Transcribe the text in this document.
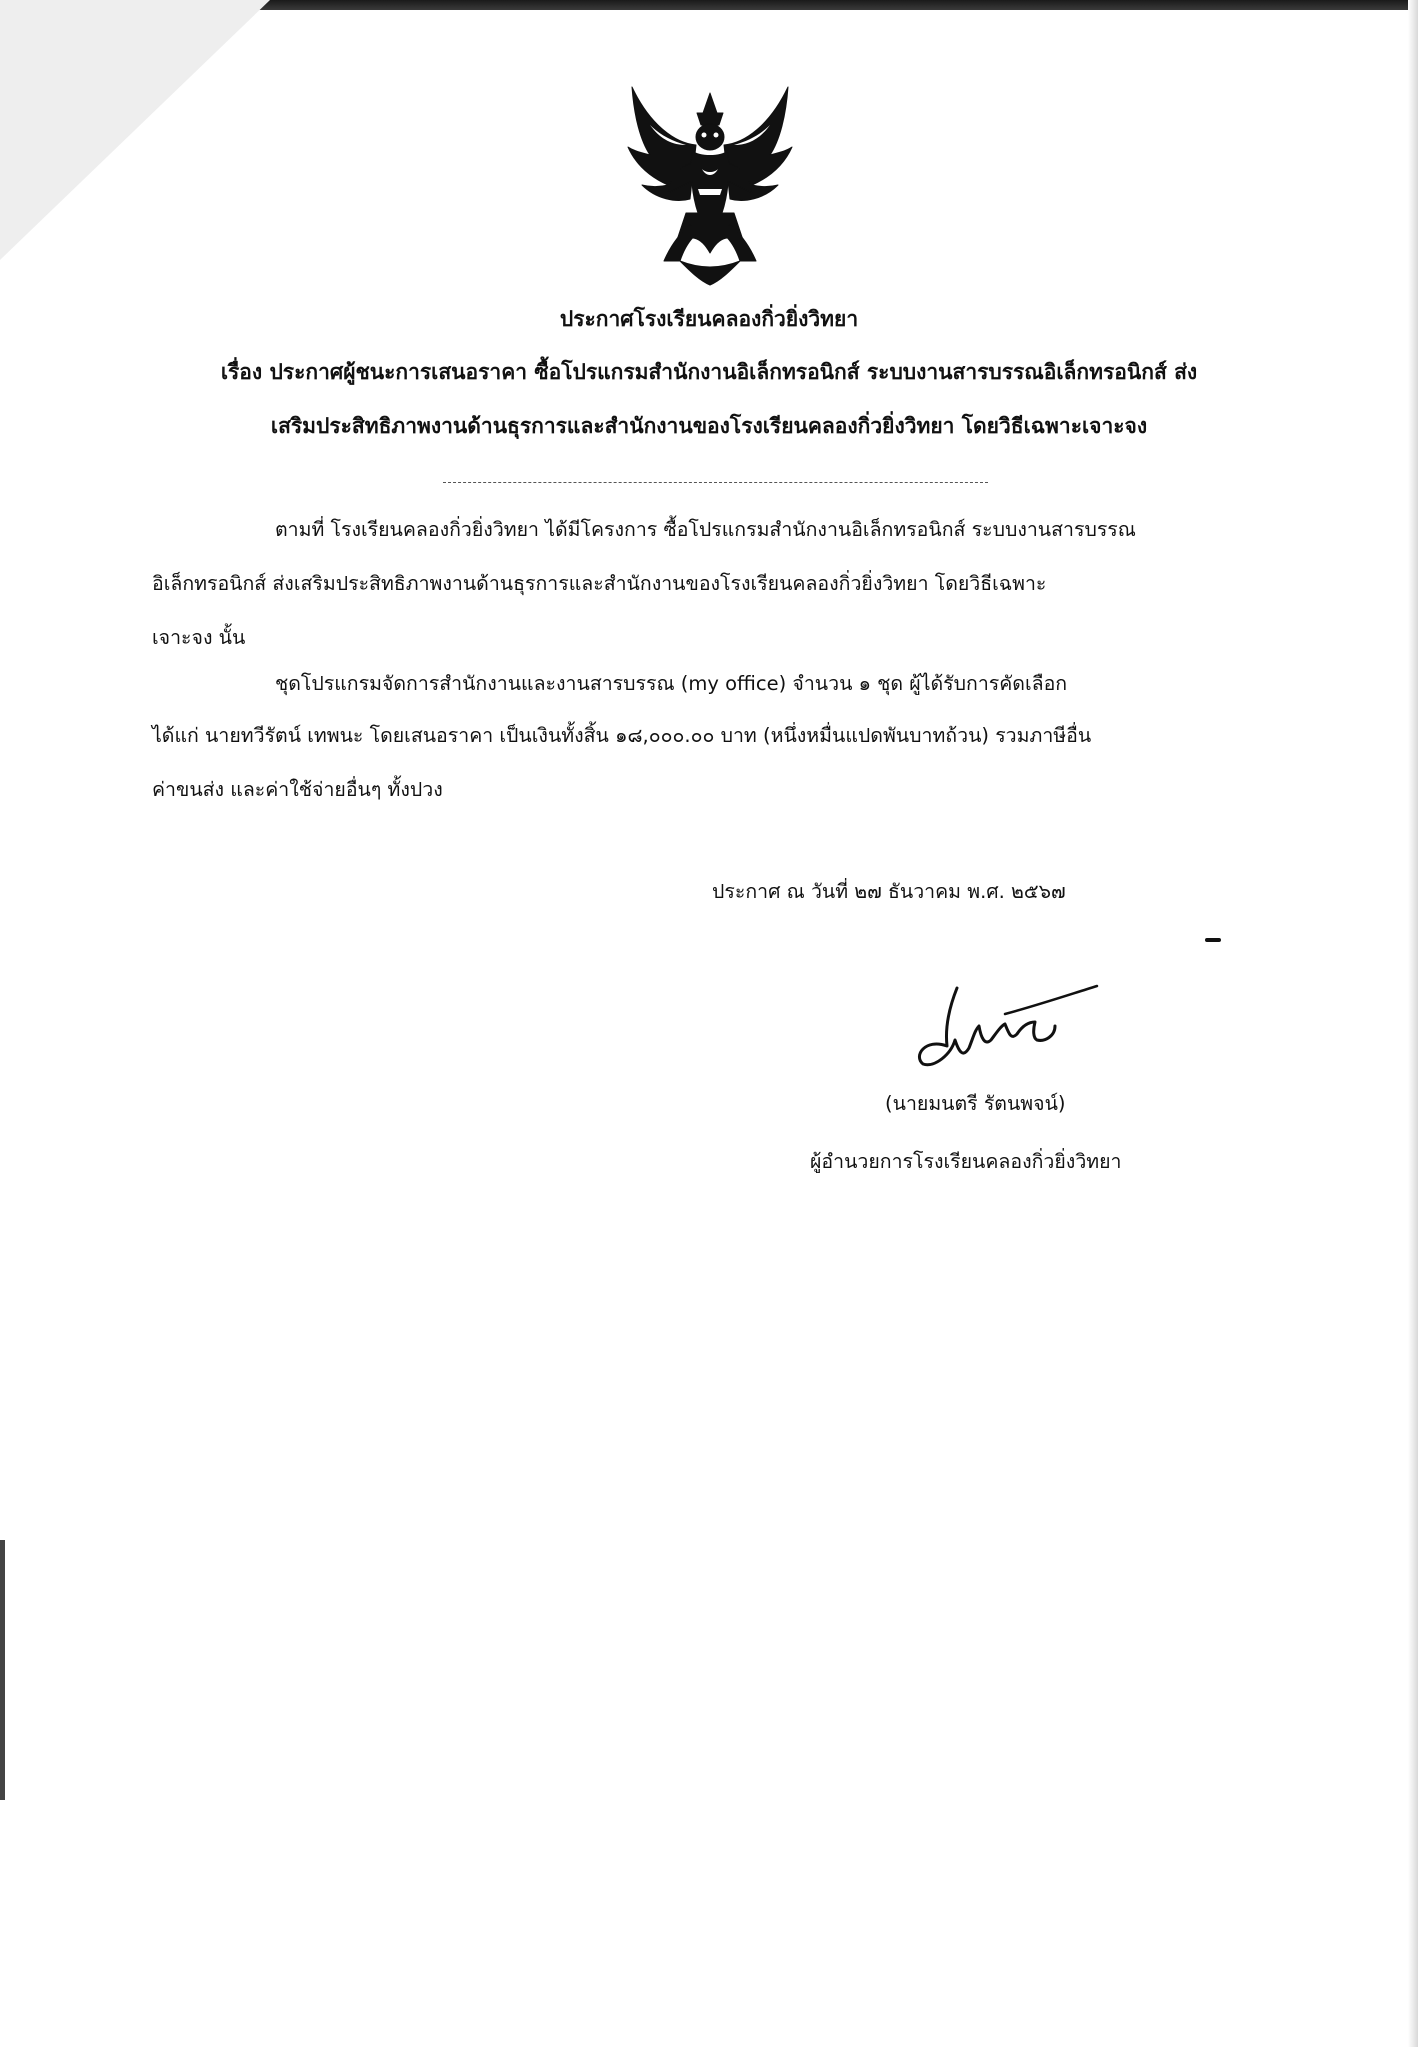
ประกาศโรงเรียนคลองกิ่วยิ่งวิทยา
เรื่อง ประกาศผู้ชนะการเสนอราคา ซื้อโปรแกรมสำนักงานอิเล็กทรอนิกส์ ระบบงานสารบรรณอิเล็กทรอนิกส์ ส่ง
เสริมประสิทธิภาพงานด้านธุรการและสำนักงานของโรงเรียนคลองกิ่วยิ่งวิทยา โดยวิธีเฉพาะเจาะจง
ตามที่ โรงเรียนคลองกิ่วยิ่งวิทยา ได้มีโครงการ ซื้อโปรแกรมสำนักงานอิเล็กทรอนิกส์ ระบบงานสารบรรณ
อิเล็กทรอนิกส์ ส่งเสริมประสิทธิภาพงานด้านธุรการและสำนักงานของโรงเรียนคลองกิ่วยิ่งวิทยา โดยวิธีเฉพาะ
เจาะจง นั้น
ชุดโปรแกรมจัดการสำนักงานและงานสารบรรณ (my office) จำนวน ๑ ชุด ผู้ได้รับการคัดเลือก
ได้แก่ นายทวีรัตน์ เทพนะ โดยเสนอราคา เป็นเงินทั้งสิ้น ๑๘,๐๐๐.๐๐ บาท (หนึ่งหมื่นแปดพันบาทถ้วน) รวมภาษีอื่น
ค่าขนส่ง และค่าใช้จ่ายอื่นๆ ทั้งปวง
ประกาศ ณ วันที่ ๒๗ ธันวาคม พ.ศ. ๒๕๖๗
(นายมนตรี รัตนพจน์)
ผู้อำนวยการโรงเรียนคลองกิ่วยิ่งวิทยา
